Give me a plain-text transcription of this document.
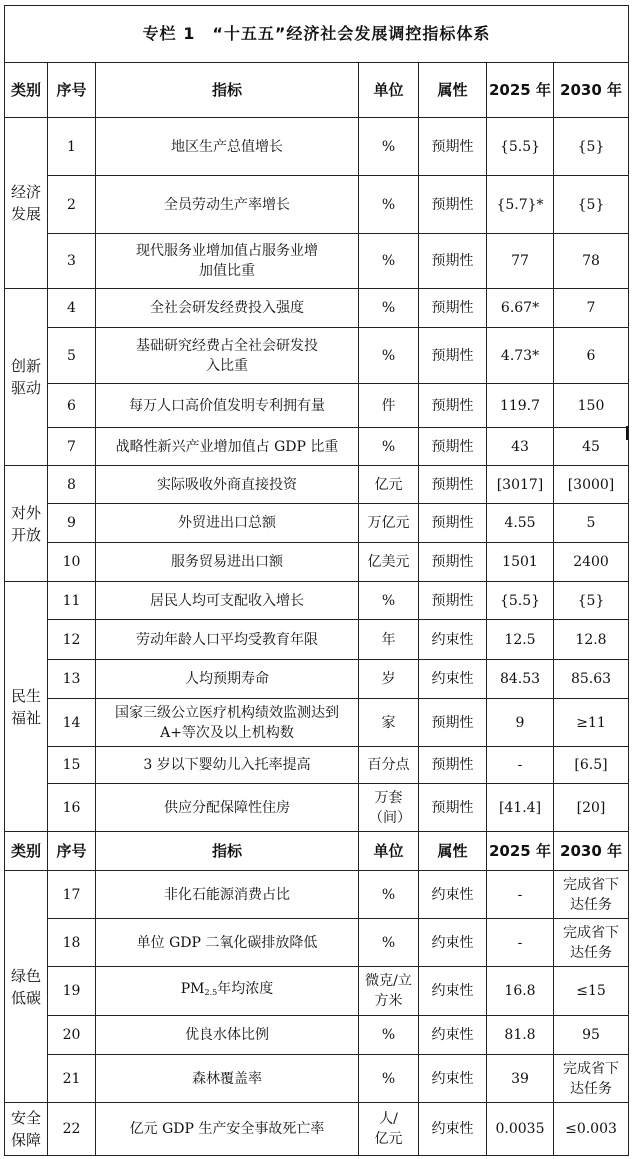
专栏 1　“十五五”经济社会发展调控指标体系						
类别	序号	指标	单位	属性	2025 年	2030 年
经济发展	1	地区生产总值增长	%	预期性	{5.5}	{5}
	2	全员劳动生产率增长	%	预期性	{5.7}*	{5}
	3	现代服务业增加值占服务业增加值比重	%	预期性	77	78
创新驱动	4	全社会研发经费投入强度	%	预期性	6.67*	7
	5	基础研究经费占全社会研发投入比重	%	预期性	4.73*	6
	6	每万人口高价值发明专利拥有量	件	预期性	119.7	150
	7	战略性新兴产业增加值占 GDP 比重	%	预期性	43	45
对外开放	8	实际吸收外商直接投资	亿元	预期性	[3017]	[3000]
	9	外贸进出口总额	万亿元	预期性	4.55	5
	10	服务贸易进出口额	亿美元	预期性	1501	2400
民生福祉	11	居民人均可支配收入增长	%	预期性	{5.5}	{5}
	12	劳动年龄人口平均受教育年限	年	约束性	12.5	12.8
	13	人均预期寿命	岁	约束性	84.53	85.63
	14	国家三级公立医疗机构绩效监测达到 A+等次及以上机构数	家	预期性	9	≥11
	15	3 岁以下婴幼儿入托率提高	百分点	预期性	-	[6.5]
	16	供应分配保障性住房	万套（间）	预期性	[41.4]	[20]
类别	序号	指标	单位	属性	2025 年	2030 年
绿色低碳	17	非化石能源消费占比	%	约束性	-	完成省下达任务
	18	单位 GDP 二氧化碳排放降低	%	约束性	-	完成省下达任务
	19	$PM_{2.5}$年均浓度	微克/立方米	约束性	16.8	≤15
	20	优良水体比例	%	约束性	81.8	95
	21	森林覆盖率	%	约束性	39	完成省下达任务
安全保障	22	亿元 GDP 生产安全事故死亡率	人/亿元	约束性	0.0035	≤0.003
